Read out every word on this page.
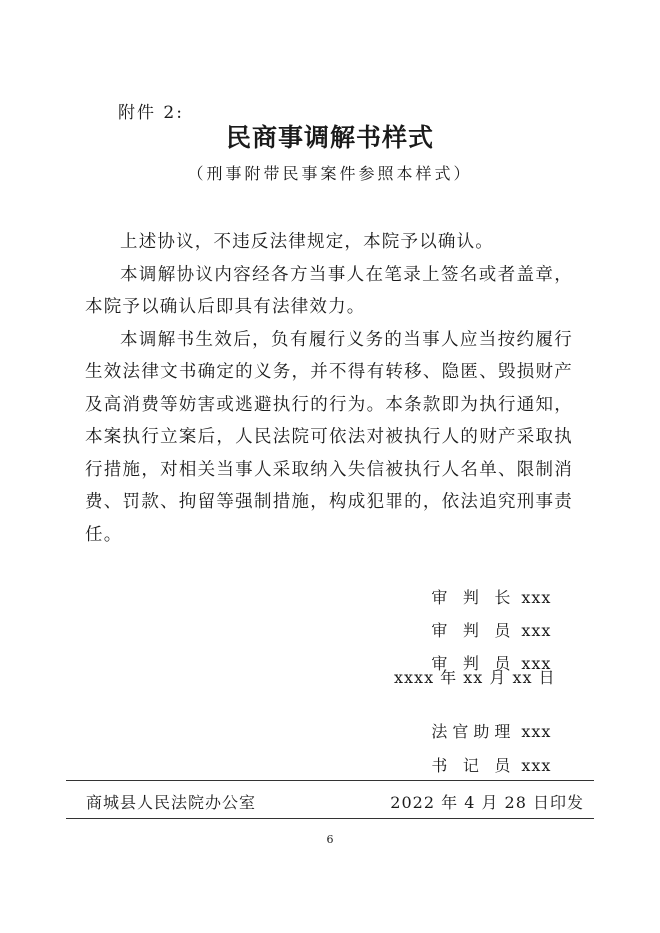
附件 2:
民商事调解书样式
（刑事附带民事案件参照本样式）

上述协议，不违反法律规定，本院予以确认。

本调解协议内容经各方当事人在笔录上签名或者盖章，本院予以确认后即具有法律效力。

本调解书生效后，负有履行义务的当事人应当按约履行生效法律文书确定的义务，并不得有转移、隐匿、毁损财产及高消费等妨害或逃避执行的行为。本条款即为执行通知，本案执行立案后，人民法院可依法对被执行人的财产采取执行措施，对相关当事人采取纳入失信被执行人名单、限制消费、罚款、拘留等强制措施，构成犯罪的，依法追究刑事责任。

审判长 xxx

审判员 xxx

审判员 xxx

xxxx 年 xx 月 xx 日

法官助理 xxx

书记员 xxx

商城县人民法院办公室	2022 年 4 月 28 日印发
6
